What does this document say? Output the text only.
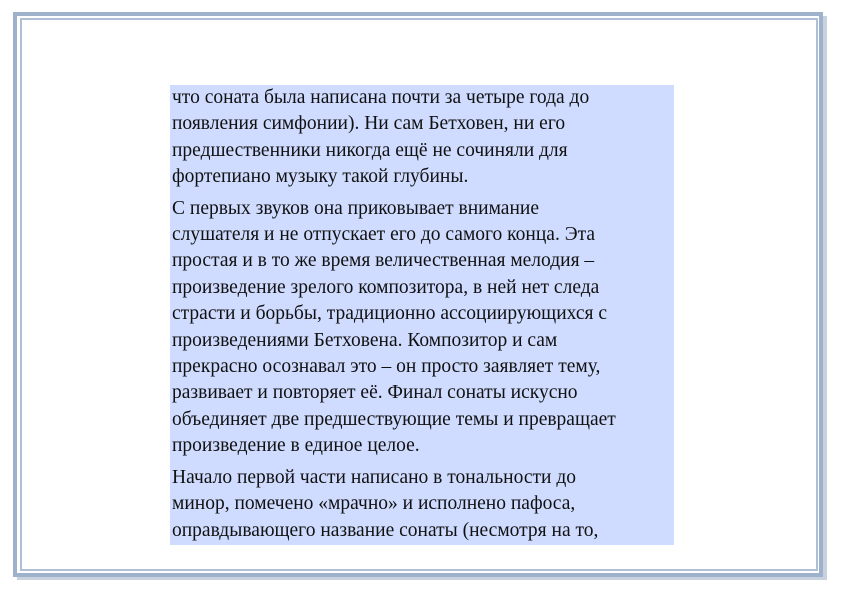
что соната была написана почти за четыре года до
появления симфонии). Ни сам Бетховен, ни его
предшественники никогда ещё не сочиняли для
фортепиано музыку такой глубины.

С первых звуков она приковывает внимание
слушателя и не отпускает его до самого конца. Эта
простая и в то же время величественная мелодия –
произведение зрелого композитора, в ней нет следа
страсти и борьбы, традиционно ассоциирующихся с
произведениями Бетховена. Композитор и сам
прекрасно осознавал это – он просто заявляет тему,
развивает и повторяет её. Финал сонаты искусно
объединяет две предшествующие темы и превращает
произведение в единое целое.

Начало первой части написано в тональности до
минор, помечено «мрачно» и исполнено пафоса,
оправдывающего название сонаты (несмотря на то,
